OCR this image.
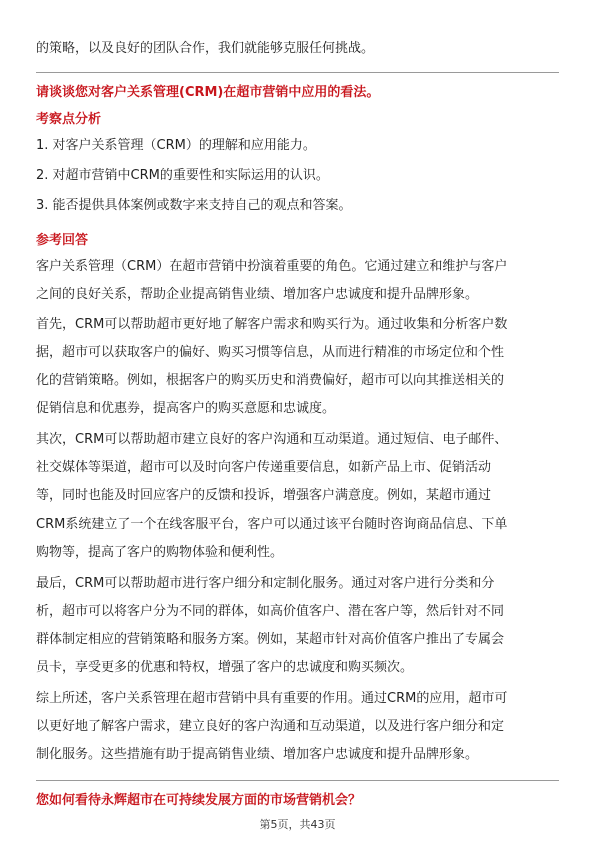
的策略，以及良好的团队合作，我们就能够克服任何挑战。
请谈谈您对客户关系管理(CRM)在超市营销中应用的看法。
考察点分析
1. 对客户关系管理（CRM）的理解和应用能力。
2. 对超市营销中CRM的重要性和实际运用的认识。
3. 能否提供具体案例或数字来支持自己的观点和答案。
参考回答
客户关系管理（CRM）在超市营销中扮演着重要的角色。它通过建立和维护与客户
之间的良好关系，帮助企业提高销售业绩、增加客户忠诚度和提升品牌形象。
首先，CRM可以帮助超市更好地了解客户需求和购买行为。通过收集和分析客户数
据，超市可以获取客户的偏好、购买习惯等信息，从而进行精准的市场定位和个性
化的营销策略。例如，根据客户的购买历史和消费偏好，超市可以向其推送相关的
促销信息和优惠券，提高客户的购买意愿和忠诚度。
其次，CRM可以帮助超市建立良好的客户沟通和互动渠道。通过短信、电子邮件、
社交媒体等渠道，超市可以及时向客户传递重要信息，如新产品上市、促销活动
等，同时也能及时回应客户的反馈和投诉，增强客户满意度。例如，某超市通过
CRM系统建立了一个在线客服平台，客户可以通过该平台随时咨询商品信息、下单
购物等，提高了客户的购物体验和便利性。
最后，CRM可以帮助超市进行客户细分和定制化服务。通过对客户进行分类和分
析，超市可以将客户分为不同的群体，如高价值客户、潜在客户等，然后针对不同
群体制定相应的营销策略和服务方案。例如，某超市针对高价值客户推出了专属会
员卡，享受更多的优惠和特权，增强了客户的忠诚度和购买频次。
综上所述，客户关系管理在超市营销中具有重要的作用。通过CRM的应用，超市可
以更好地了解客户需求，建立良好的客户沟通和互动渠道，以及进行客户细分和定
制化服务。这些措施有助于提高销售业绩、增加客户忠诚度和提升品牌形象。
您如何看待永辉超市在可持续发展方面的市场营销机会？
第5页，共43页
